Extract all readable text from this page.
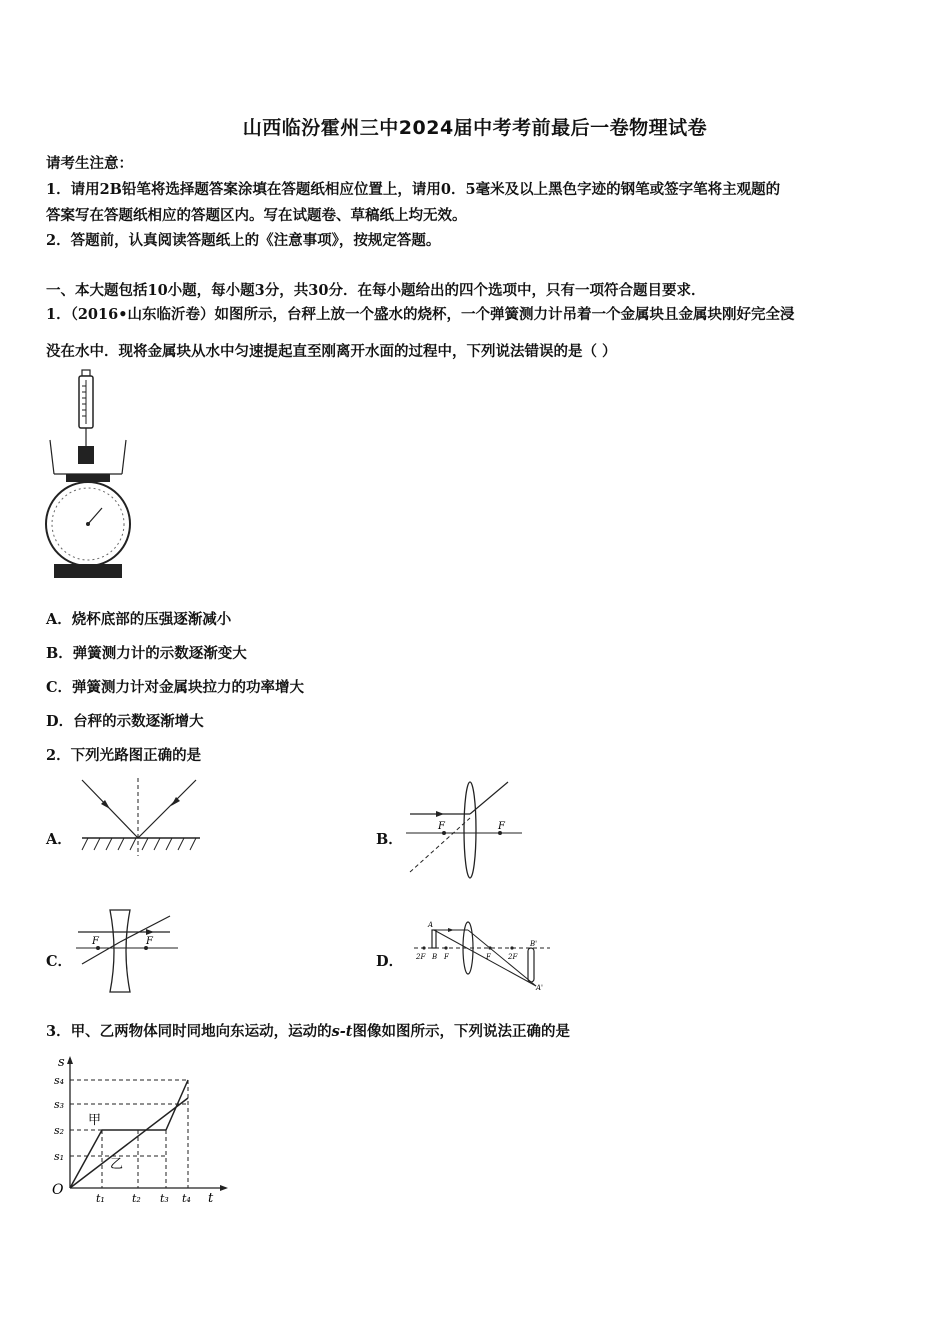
山西临汾霍州三中2024届中考考前最后一卷物理试卷
请考生注意：
1．请用2B铅笔将选择题答案涂填在答题纸相应位置上，请用0．5毫米及以上黑色字迹的钢笔或签字笔将主观题的
答案写在答题纸相应的答题区内。写在试题卷、草稿纸上均无效。
2．答题前，认真阅读答题纸上的《注意事项》，按规定答题。
一、本大题包括10小题，每小题3分，共30分．在每小题给出的四个选项中，只有一项符合题目要求．
1．（2016•山东临沂卷）如图所示，台秤上放一个盛水的烧杯，一个弹簧测力计吊着一个金属块且金属块刚好完全浸
没在水中．现将金属块从水中匀速提起直至刚离开水面的过程中，下列说法错误的是（ ）
A．烧杯底部的压强逐渐减小
B．弹簧测力计的示数逐渐变大
C．弹簧测力计对金属块拉力的功率增大
D．台秤的示数逐渐增大
2．下列光路图正确的是
A．	B．
F	F
C．
F	F
D． 2F B F
A
F 2F
B'
A'
3．甲、乙两物体同时同地向东运动，运动的s-t图像如图所示，下列说法正确的是
s
t
O
s₁
s₂
s₃
s₄
t₁ t₂ t₃ t₄
甲
乙
